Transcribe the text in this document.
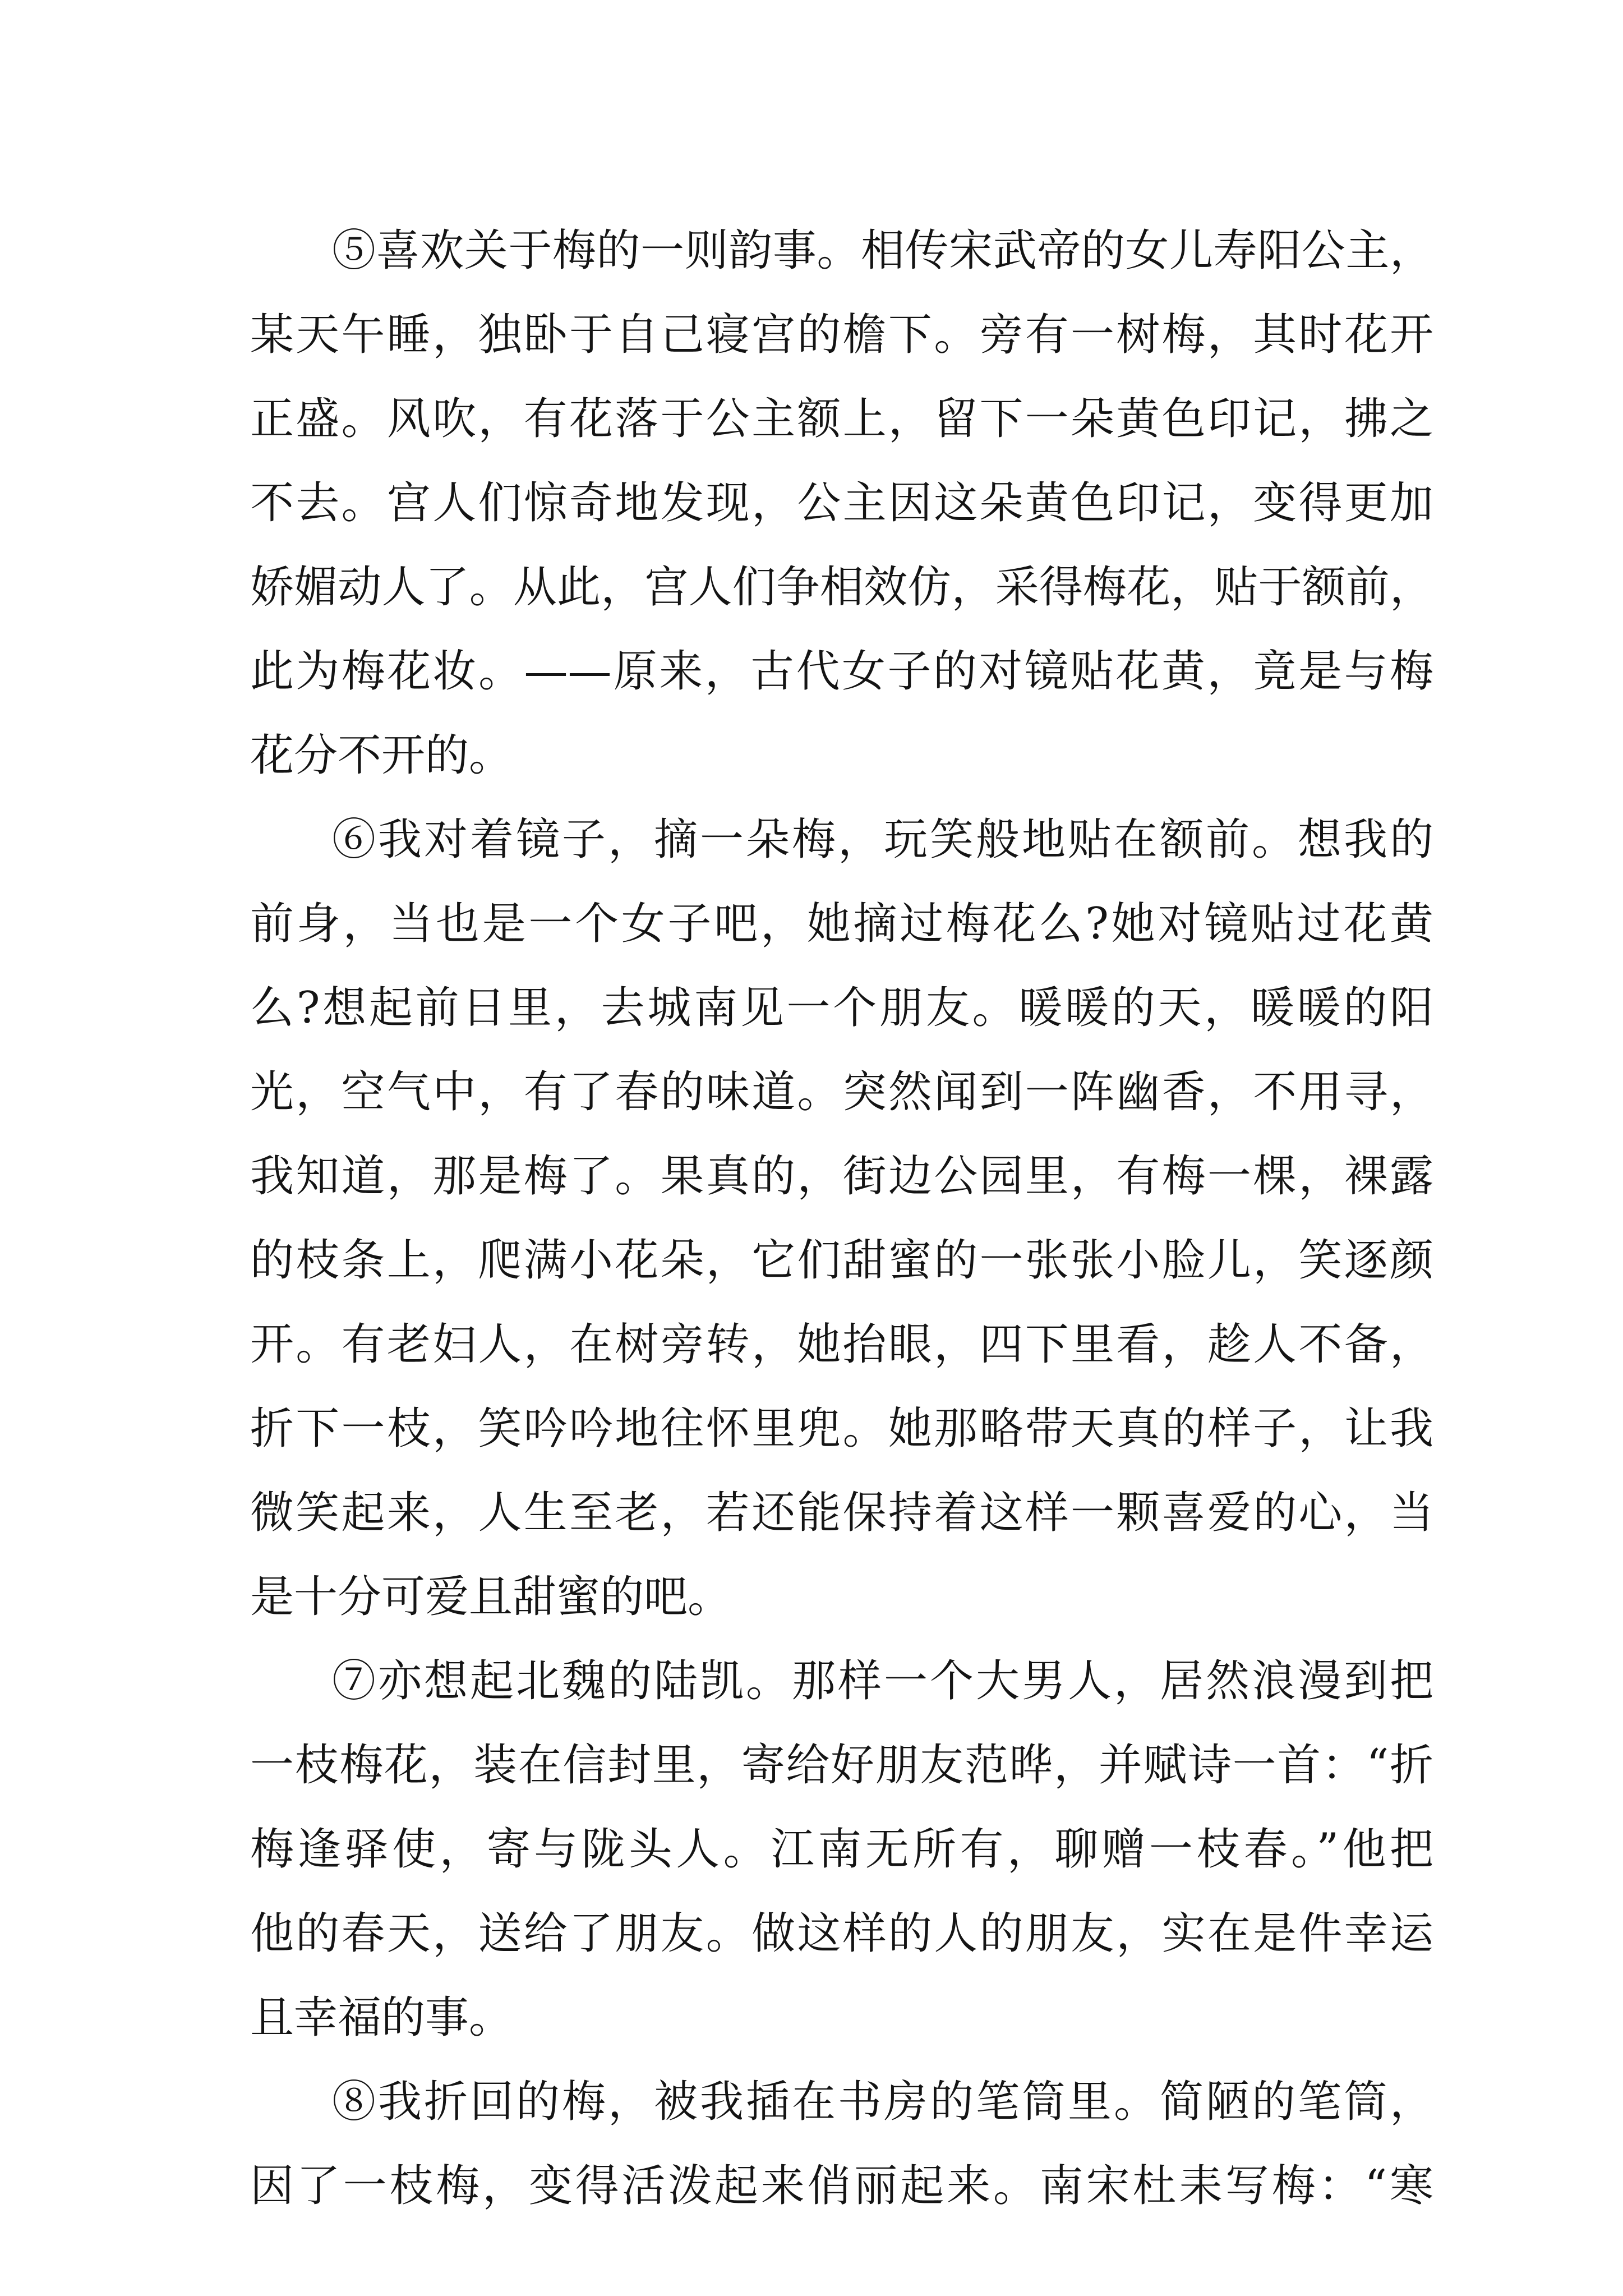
⑤喜欢关于梅的一则韵事。相传宋武帝的女儿寿阳公主，
某天午睡，独卧于自己寝宫的檐下。旁有一树梅，其时花开
正盛。风吹，有花落于公主额上，留下一朵黄色印记，拂之
不去。宫人们惊奇地发现，公主因这朵黄色印记，变得更加
娇媚动人了。从此，宫人们争相效仿，采得梅花，贴于额前，
此为梅花妆。——原来，古代女子的对镜贴花黄，竟是与梅
花分不开的。
⑥我对着镜子，摘一朵梅，玩笑般地贴在额前。想我的
前身，当也是一个女子吧，她摘过梅花么?她对镜贴过花黄
么?想起前日里，去城南见一个朋友。暖暖的天，暖暖的阳
光，空气中，有了春的味道。突然闻到一阵幽香，不用寻，
我知道，那是梅了。果真的，街边公园里，有梅一棵，裸露
的枝条上，爬满小花朵，它们甜蜜的一张张小脸儿，笑逐颜
开。有老妇人，在树旁转，她抬眼，四下里看，趁人不备，
折下一枝，笑吟吟地往怀里兜。她那略带天真的样子，让我
微笑起来，人生至老，若还能保持着这样一颗喜爱的心，当
是十分可爱且甜蜜的吧。
⑦亦想起北魏的陆凯。那样一个大男人，居然浪漫到把
一枝梅花，装在信封里，寄给好朋友范晔，并赋诗一首：“折
梅逢驿使，寄与陇头人。江南无所有，聊赠一枝春。”他把
他的春天，送给了朋友。做这样的人的朋友，实在是件幸运
且幸福的事。
⑧我折回的梅，被我插在书房的笔筒里。简陋的笔筒，
因了一枝梅，变得活泼起来俏丽起来。南宋杜耒写梅：“寒
